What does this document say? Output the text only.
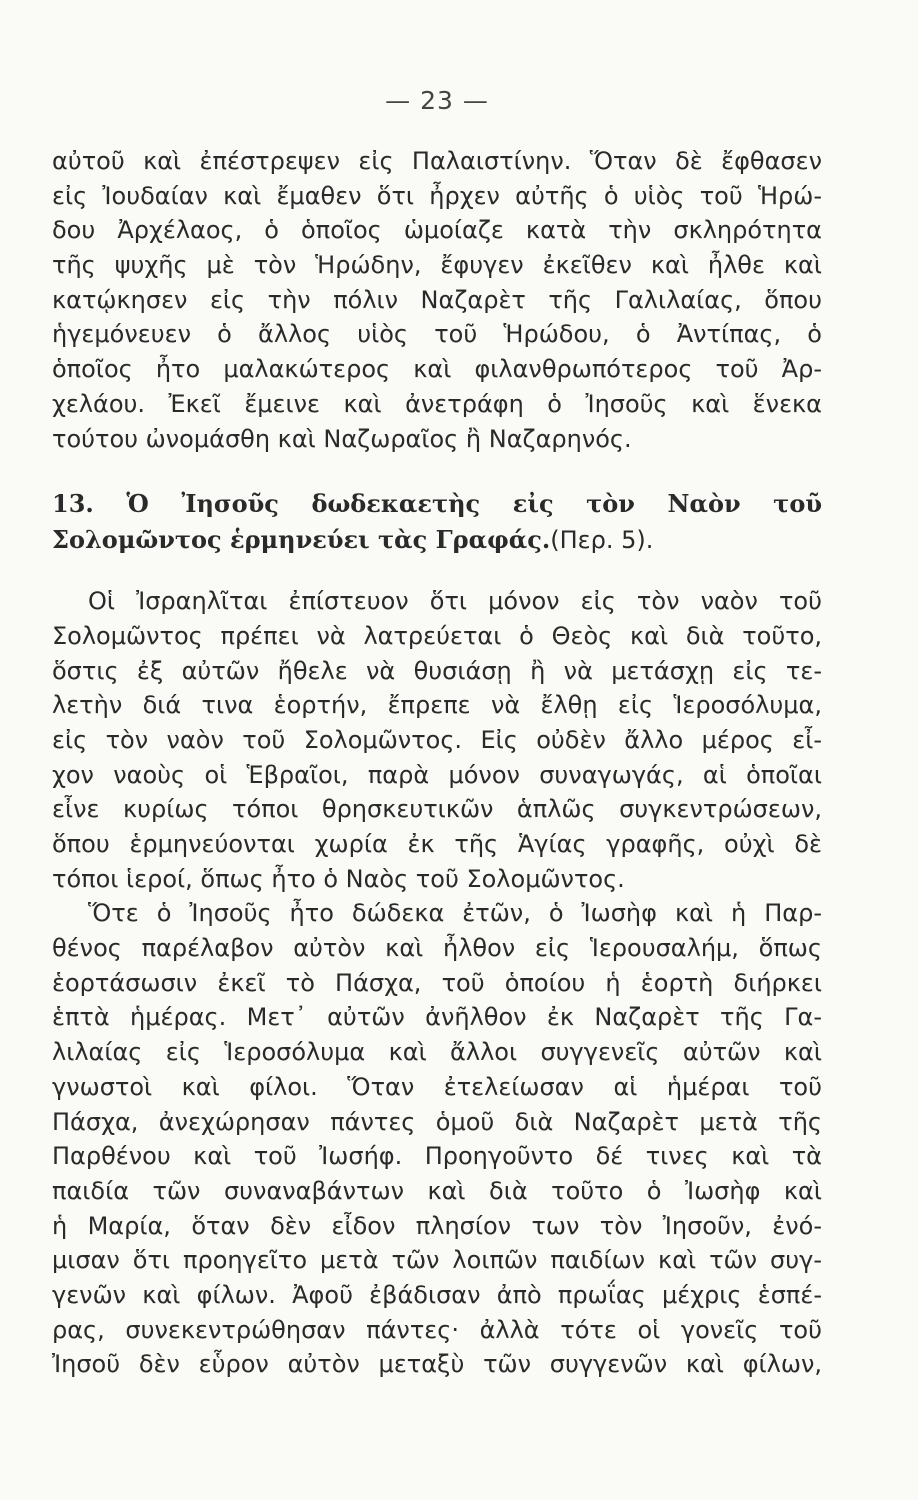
— 23 —
αὐτοῦ καὶ ἐπέστρεψεν εἰς Παλαιστίνην. Ὅταν δὲ ἔφθασεν
εἰς Ἰουδαίαν καὶ ἔμαθεν ὅτι ἦρχεν αὐτῆς ὁ υἱὸς τοῦ Ἡρώ-
δου Ἀρχέλαος, ὁ ὁποῖος ὡμοίαζε κατὰ τὴν σκληρότητα
τῆς ψυχῆς μὲ τὸν Ἡρώδην, ἔφυγεν ἐκεῖθεν καὶ ἦλθε καὶ
κατῴκησεν εἰς τὴν πόλιν Ναζαρὲτ τῆς Γαλιλαίας, ὅπου
ἡγεμόνευεν ὁ ἄλλος υἱὸς τοῦ Ἡρώδου, ὁ Ἀντίπας, ὁ
ὁποῖος ἦτο μαλακώτερος καὶ φιλανθρωπότερος τοῦ Ἀρ-
χελάου. Ἐκεῖ ἔμεινε καὶ ἀνετράφη ὁ Ἰησοῦς καὶ ἕνεκα
τούτου ὠνομάσθη καὶ Ναζωραῖος ἢ Ναζαρηνός.
13. Ὁ Ἰησοῦς δωδεκαετὴς εἰς τὸν Ναὸν τοῦ
Σολομῶντος ἑρμηνεύει τὰς Γραφάς.(Περ. 5).
Οἱ Ἰσραηλῖται ἐπίστευον ὅτι μόνον εἰς τὸν ναὸν τοῦ
Σολομῶντος πρέπει νὰ λατρεύεται ὁ Θεὸς καὶ διὰ τοῦτο,
ὅστις ἐξ αὐτῶν ἤθελε νὰ θυσιάσῃ ἢ νὰ μετάσχῃ εἰς τε-
λετὴν διά τινα ἑορτήν, ἔπρεπε νὰ ἔλθῃ εἰς Ἱεροσόλυμα,
εἰς τὸν ναὸν τοῦ Σολομῶντος. Εἰς οὐδὲν ἄλλο μέρος εἶ-
χον ναοὺς οἱ Ἑβραῖοι, παρὰ μόνον συναγωγάς, αἱ ὁποῖαι
εἶνε κυρίως τόποι θρησκευτικῶν ἁπλῶς συγκεντρώσεων,
ὅπου ἑρμηνεύονται χωρία ἐκ τῆς Ἁγίας γραφῆς, οὐχὶ δὲ
τόποι ἱεροί, ὅπως ἦτο ὁ Ναὸς τοῦ Σολομῶντος.
Ὅτε ὁ Ἰησοῦς ἦτο δώδεκα ἐτῶν, ὁ Ἰωσὴφ καὶ ἡ Παρ-
θένος παρέλαβον αὐτὸν καὶ ἦλθον εἰς Ἱερουσαλήμ, ὅπως
ἑορτάσωσιν ἐκεῖ τὸ Πάσχα, τοῦ ὁποίου ἡ ἑορτὴ διήρκει
ἑπτὰ ἡμέρας. Μετ᾽ αὐτῶν ἀνῆλθον ἐκ Ναζαρὲτ τῆς Γα-
λιλαίας εἰς Ἱεροσόλυμα καὶ ἄλλοι συγγενεῖς αὐτῶν καὶ
γνωστοὶ καὶ φίλοι. Ὅταν ἐτελείωσαν αἱ ἡμέραι τοῦ
Πάσχα, ἀνεχώρησαν πάντες ὁμοῦ διὰ Ναζαρὲτ μετὰ τῆς
Παρθένου καὶ τοῦ Ἰωσήφ. Προηγοῦντο δέ τινες καὶ τὰ
παιδία τῶν συναναβάντων καὶ διὰ τοῦτο ὁ Ἰωσὴφ καὶ
ἡ Μαρία, ὅταν δὲν εἶδον πλησίον των τὸν Ἰησοῦν, ἐνό-
μισαν ὅτι προηγεῖτο μετὰ τῶν λοιπῶν παιδίων καὶ τῶν συγ-
γενῶν καὶ φίλων. Ἀφοῦ ἐβάδισαν ἀπὸ πρωΐας μέχρις ἑσπέ-
ρας, συνεκεντρώθησαν πάντες· ἀλλὰ τότε οἱ γονεῖς τοῦ
Ἰησοῦ δὲν εὗρον αὐτὸν μεταξὺ τῶν συγγενῶν καὶ φίλων,
